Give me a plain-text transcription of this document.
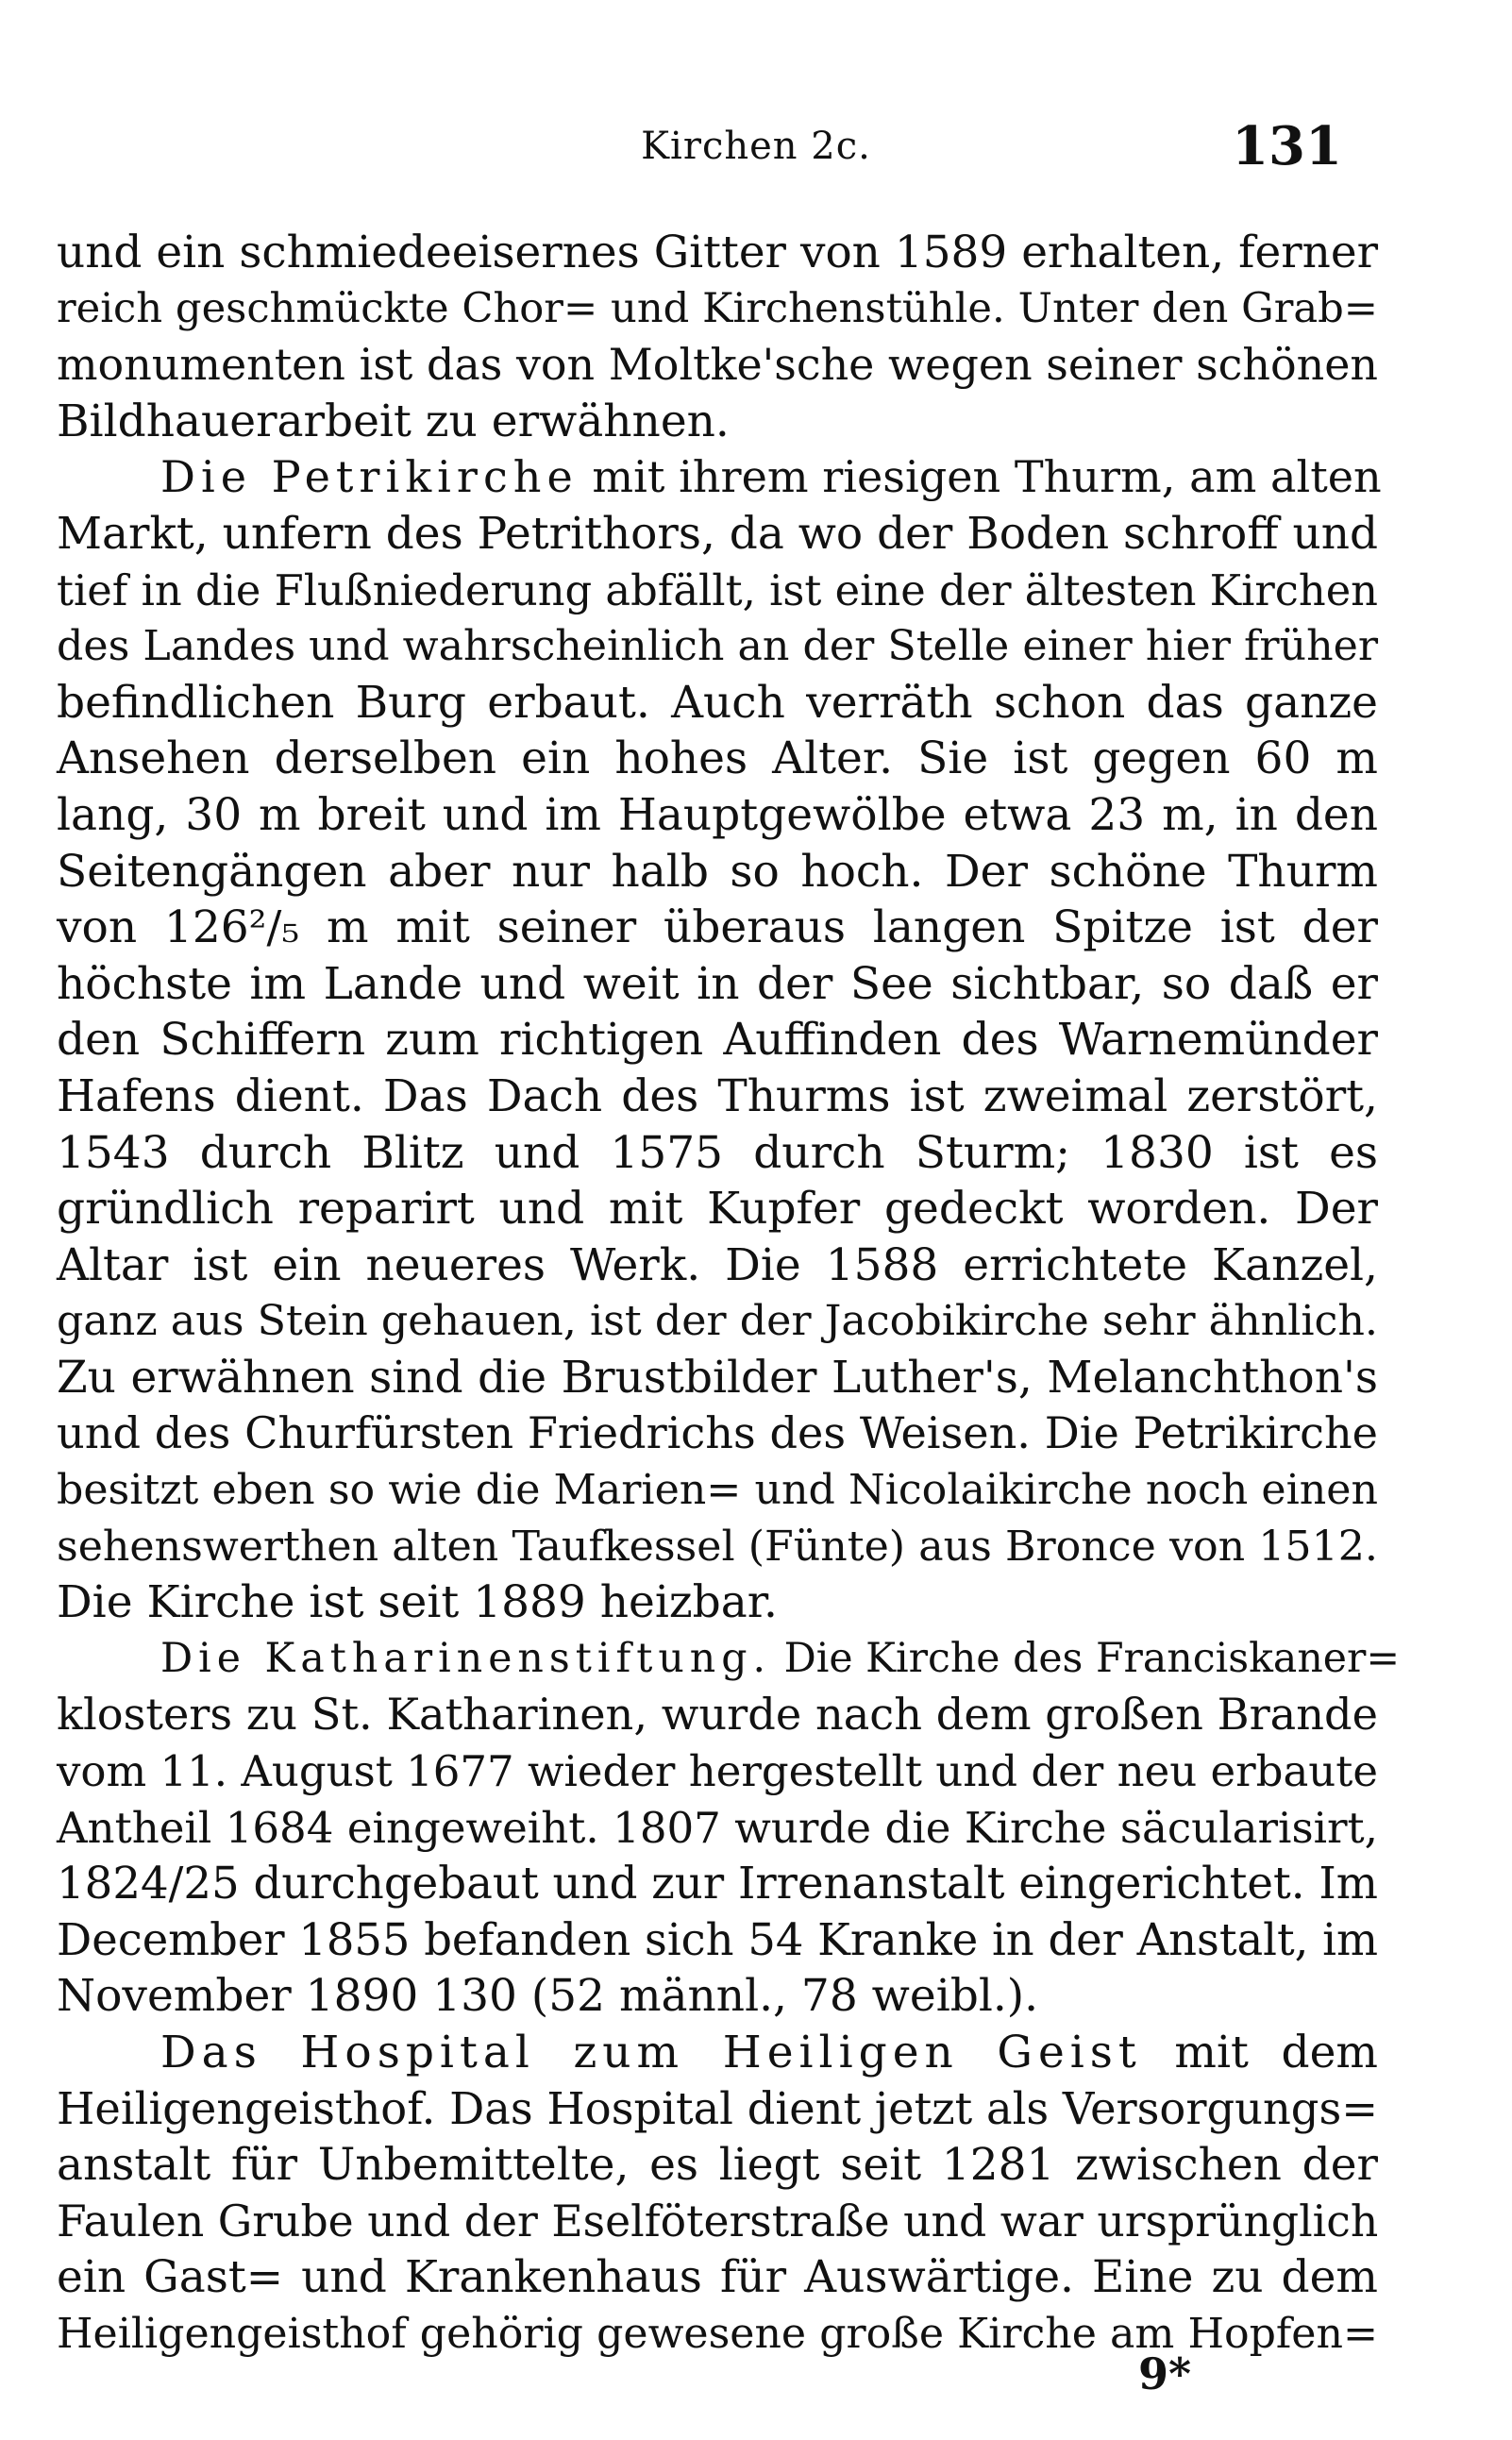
Kirchen 2c.	131
und ein schmiedeeisernes Gitter von 1589 erhalten, ferner
reich geschmückte Chor= und Kirchenstühle. Unter den Grab=
monumenten ist das von Moltke'sche wegen seiner schönen
Bildhauerarbeit zu erwähnen.
Die Petrikirche mit ihrem riesigen Thurm, am alten
Markt, unfern des Petrithors, da wo der Boden schroff und
tief in die Flußniederung abfällt, ist eine der ältesten Kirchen
des Landes und wahrscheinlich an der Stelle einer hier früher
befindlichen Burg erbaut. Auch verräth schon das ganze
Ansehen derselben ein hohes Alter. Sie ist gegen 60 m
lang, 30 m breit und im Hauptgewölbe etwa 23 m, in den
Seitengängen aber nur halb so hoch. Der schöne Thurm
von 126²/₅ m mit seiner überaus langen Spitze ist der
höchste im Lande und weit in der See sichtbar, so daß er
den Schiffern zum richtigen Auffinden des Warnemünder
Hafens dient. Das Dach des Thurms ist zweimal zerstört,
1543 durch Blitz und 1575 durch Sturm; 1830 ist es
gründlich reparirt und mit Kupfer gedeckt worden. Der
Altar ist ein neueres Werk. Die 1588 errichtete Kanzel,
ganz aus Stein gehauen, ist der der Jacobikirche sehr ähnlich.
Zu erwähnen sind die Brustbilder Luther's, Melanchthon's
und des Churfürsten Friedrichs des Weisen. Die Petrikirche
besitzt eben so wie die Marien= und Nicolaikirche noch einen
sehenswerthen alten Taufkessel (Fünte) aus Bronce von 1512.
Die Kirche ist seit 1889 heizbar.
Die Katharinenstiftung. Die Kirche des Franciskaner=
klosters zu St. Katharinen, wurde nach dem großen Brande
vom 11. August 1677 wieder hergestellt und der neu erbaute
Antheil 1684 eingeweiht. 1807 wurde die Kirche säcularisirt,
1824/25 durchgebaut und zur Irrenanstalt eingerichtet. Im
December 1855 befanden sich 54 Kranke in der Anstalt, im
November 1890 130 (52 männl., 78 weibl.).
Das Hospital zum Heiligen Geist mit dem
Heiligengeisthof. Das Hospital dient jetzt als Versorgungs=
anstalt für Unbemittelte, es liegt seit 1281 zwischen der
Faulen Grube und der Eselföterstraße und war ursprünglich
ein Gast= und Krankenhaus für Auswärtige. Eine zu dem
Heiligengeisthof gehörig gewesene große Kirche am Hopfen=
9*
